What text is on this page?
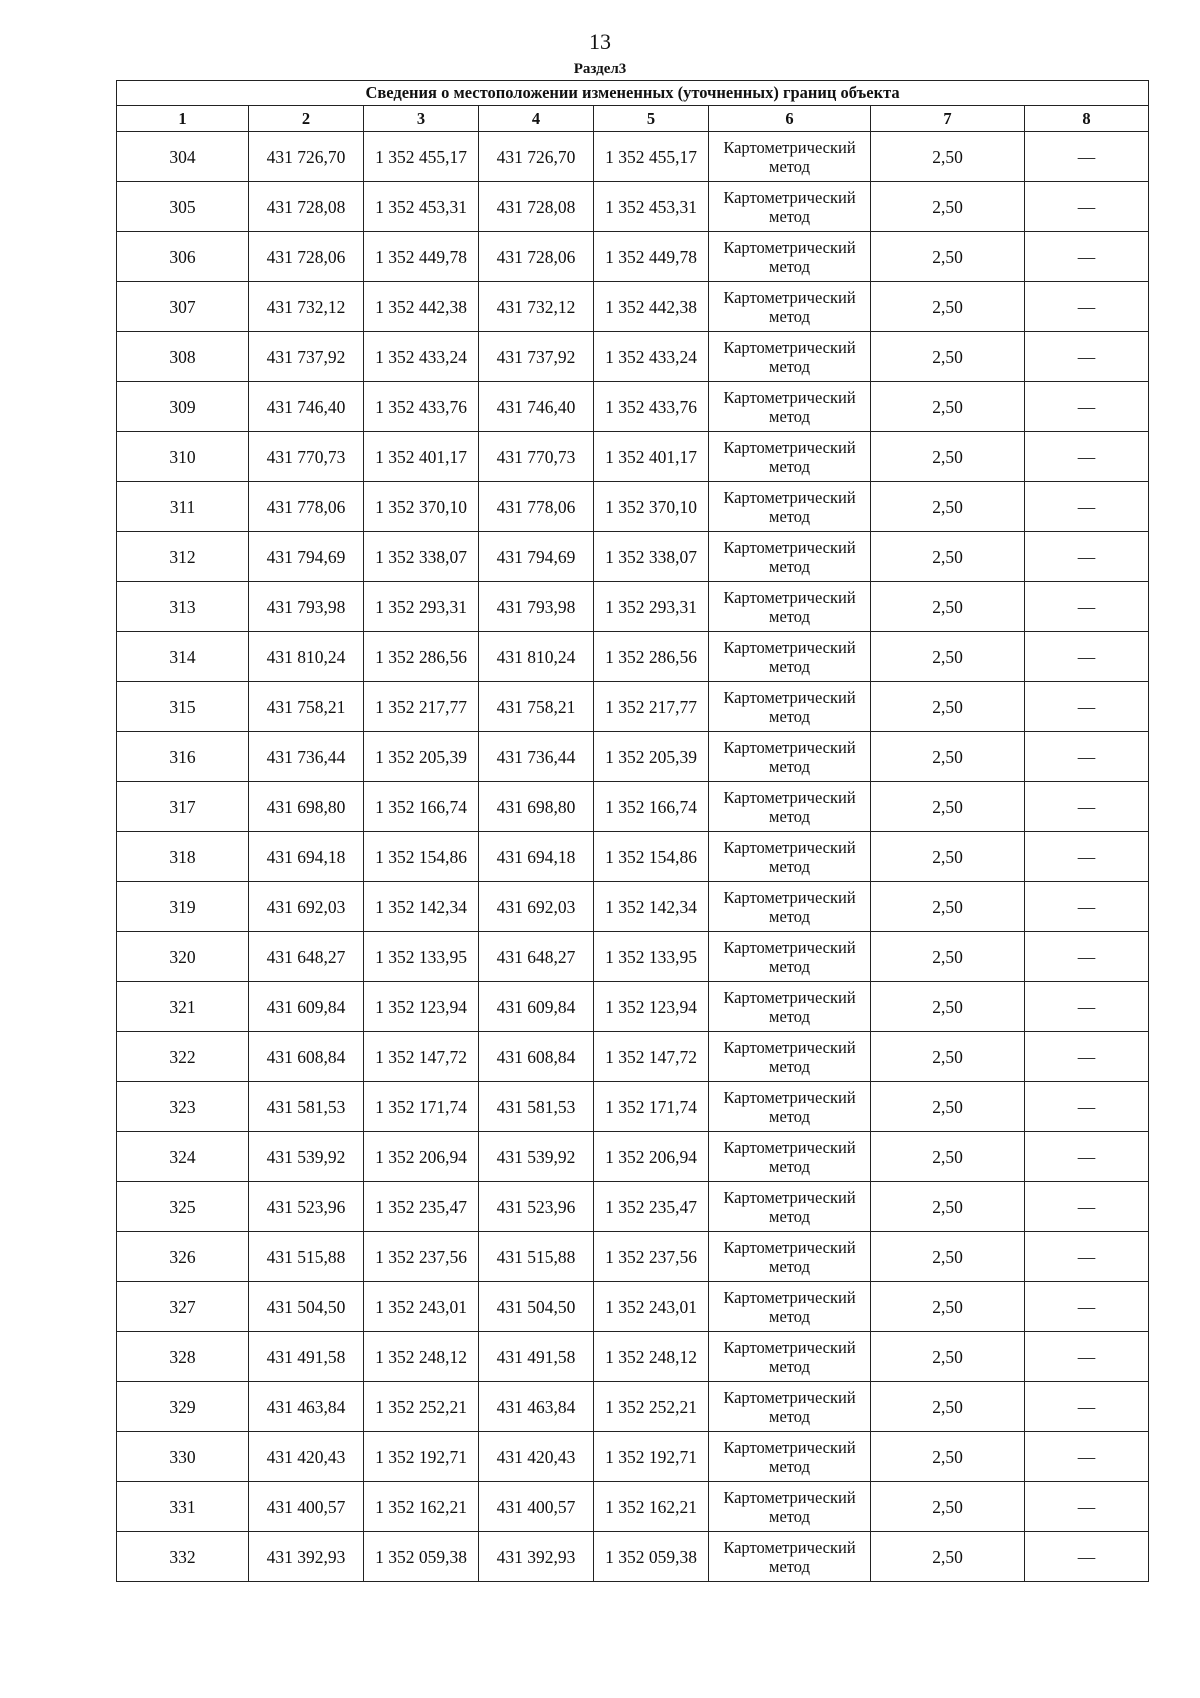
13
Раздел3
Сведения о местоположении измененных (уточненных) границ объекта							
1	2	3	4	5	6	7	8
304	431 726,70	1 352 455,17	431 726,70	1 352 455,17	Картометрический метод	2,50	—
305	431 728,08	1 352 453,31	431 728,08	1 352 453,31	Картометрический метод	2,50	—
306	431 728,06	1 352 449,78	431 728,06	1 352 449,78	Картометрический метод	2,50	—
307	431 732,12	1 352 442,38	431 732,12	1 352 442,38	Картометрический метод	2,50	—
308	431 737,92	1 352 433,24	431 737,92	1 352 433,24	Картометрический метод	2,50	—
309	431 746,40	1 352 433,76	431 746,40	1 352 433,76	Картометрический метод	2,50	—
310	431 770,73	1 352 401,17	431 770,73	1 352 401,17	Картометрический метод	2,50	—
311	431 778,06	1 352 370,10	431 778,06	1 352 370,10	Картометрический метод	2,50	—
312	431 794,69	1 352 338,07	431 794,69	1 352 338,07	Картометрический метод	2,50	—
313	431 793,98	1 352 293,31	431 793,98	1 352 293,31	Картометрический метод	2,50	—
314	431 810,24	1 352 286,56	431 810,24	1 352 286,56	Картометрический метод	2,50	—
315	431 758,21	1 352 217,77	431 758,21	1 352 217,77	Картометрический метод	2,50	—
316	431 736,44	1 352 205,39	431 736,44	1 352 205,39	Картометрический метод	2,50	—
317	431 698,80	1 352 166,74	431 698,80	1 352 166,74	Картометрический метод	2,50	—
318	431 694,18	1 352 154,86	431 694,18	1 352 154,86	Картометрический метод	2,50	—
319	431 692,03	1 352 142,34	431 692,03	1 352 142,34	Картометрический метод	2,50	—
320	431 648,27	1 352 133,95	431 648,27	1 352 133,95	Картометрический метод	2,50	—
321	431 609,84	1 352 123,94	431 609,84	1 352 123,94	Картометрический метод	2,50	—
322	431 608,84	1 352 147,72	431 608,84	1 352 147,72	Картометрический метод	2,50	—
323	431 581,53	1 352 171,74	431 581,53	1 352 171,74	Картометрический метод	2,50	—
324	431 539,92	1 352 206,94	431 539,92	1 352 206,94	Картометрический метод	2,50	—
325	431 523,96	1 352 235,47	431 523,96	1 352 235,47	Картометрический метод	2,50	—
326	431 515,88	1 352 237,56	431 515,88	1 352 237,56	Картометрический метод	2,50	—
327	431 504,50	1 352 243,01	431 504,50	1 352 243,01	Картометрический метод	2,50	—
328	431 491,58	1 352 248,12	431 491,58	1 352 248,12	Картометрический метод	2,50	—
329	431 463,84	1 352 252,21	431 463,84	1 352 252,21	Картометрический метод	2,50	—
330	431 420,43	1 352 192,71	431 420,43	1 352 192,71	Картометрический метод	2,50	—
331	431 400,57	1 352 162,21	431 400,57	1 352 162,21	Картометрический метод	2,50	—
332	431 392,93	1 352 059,38	431 392,93	1 352 059,38	Картометрический метод	2,50	—
